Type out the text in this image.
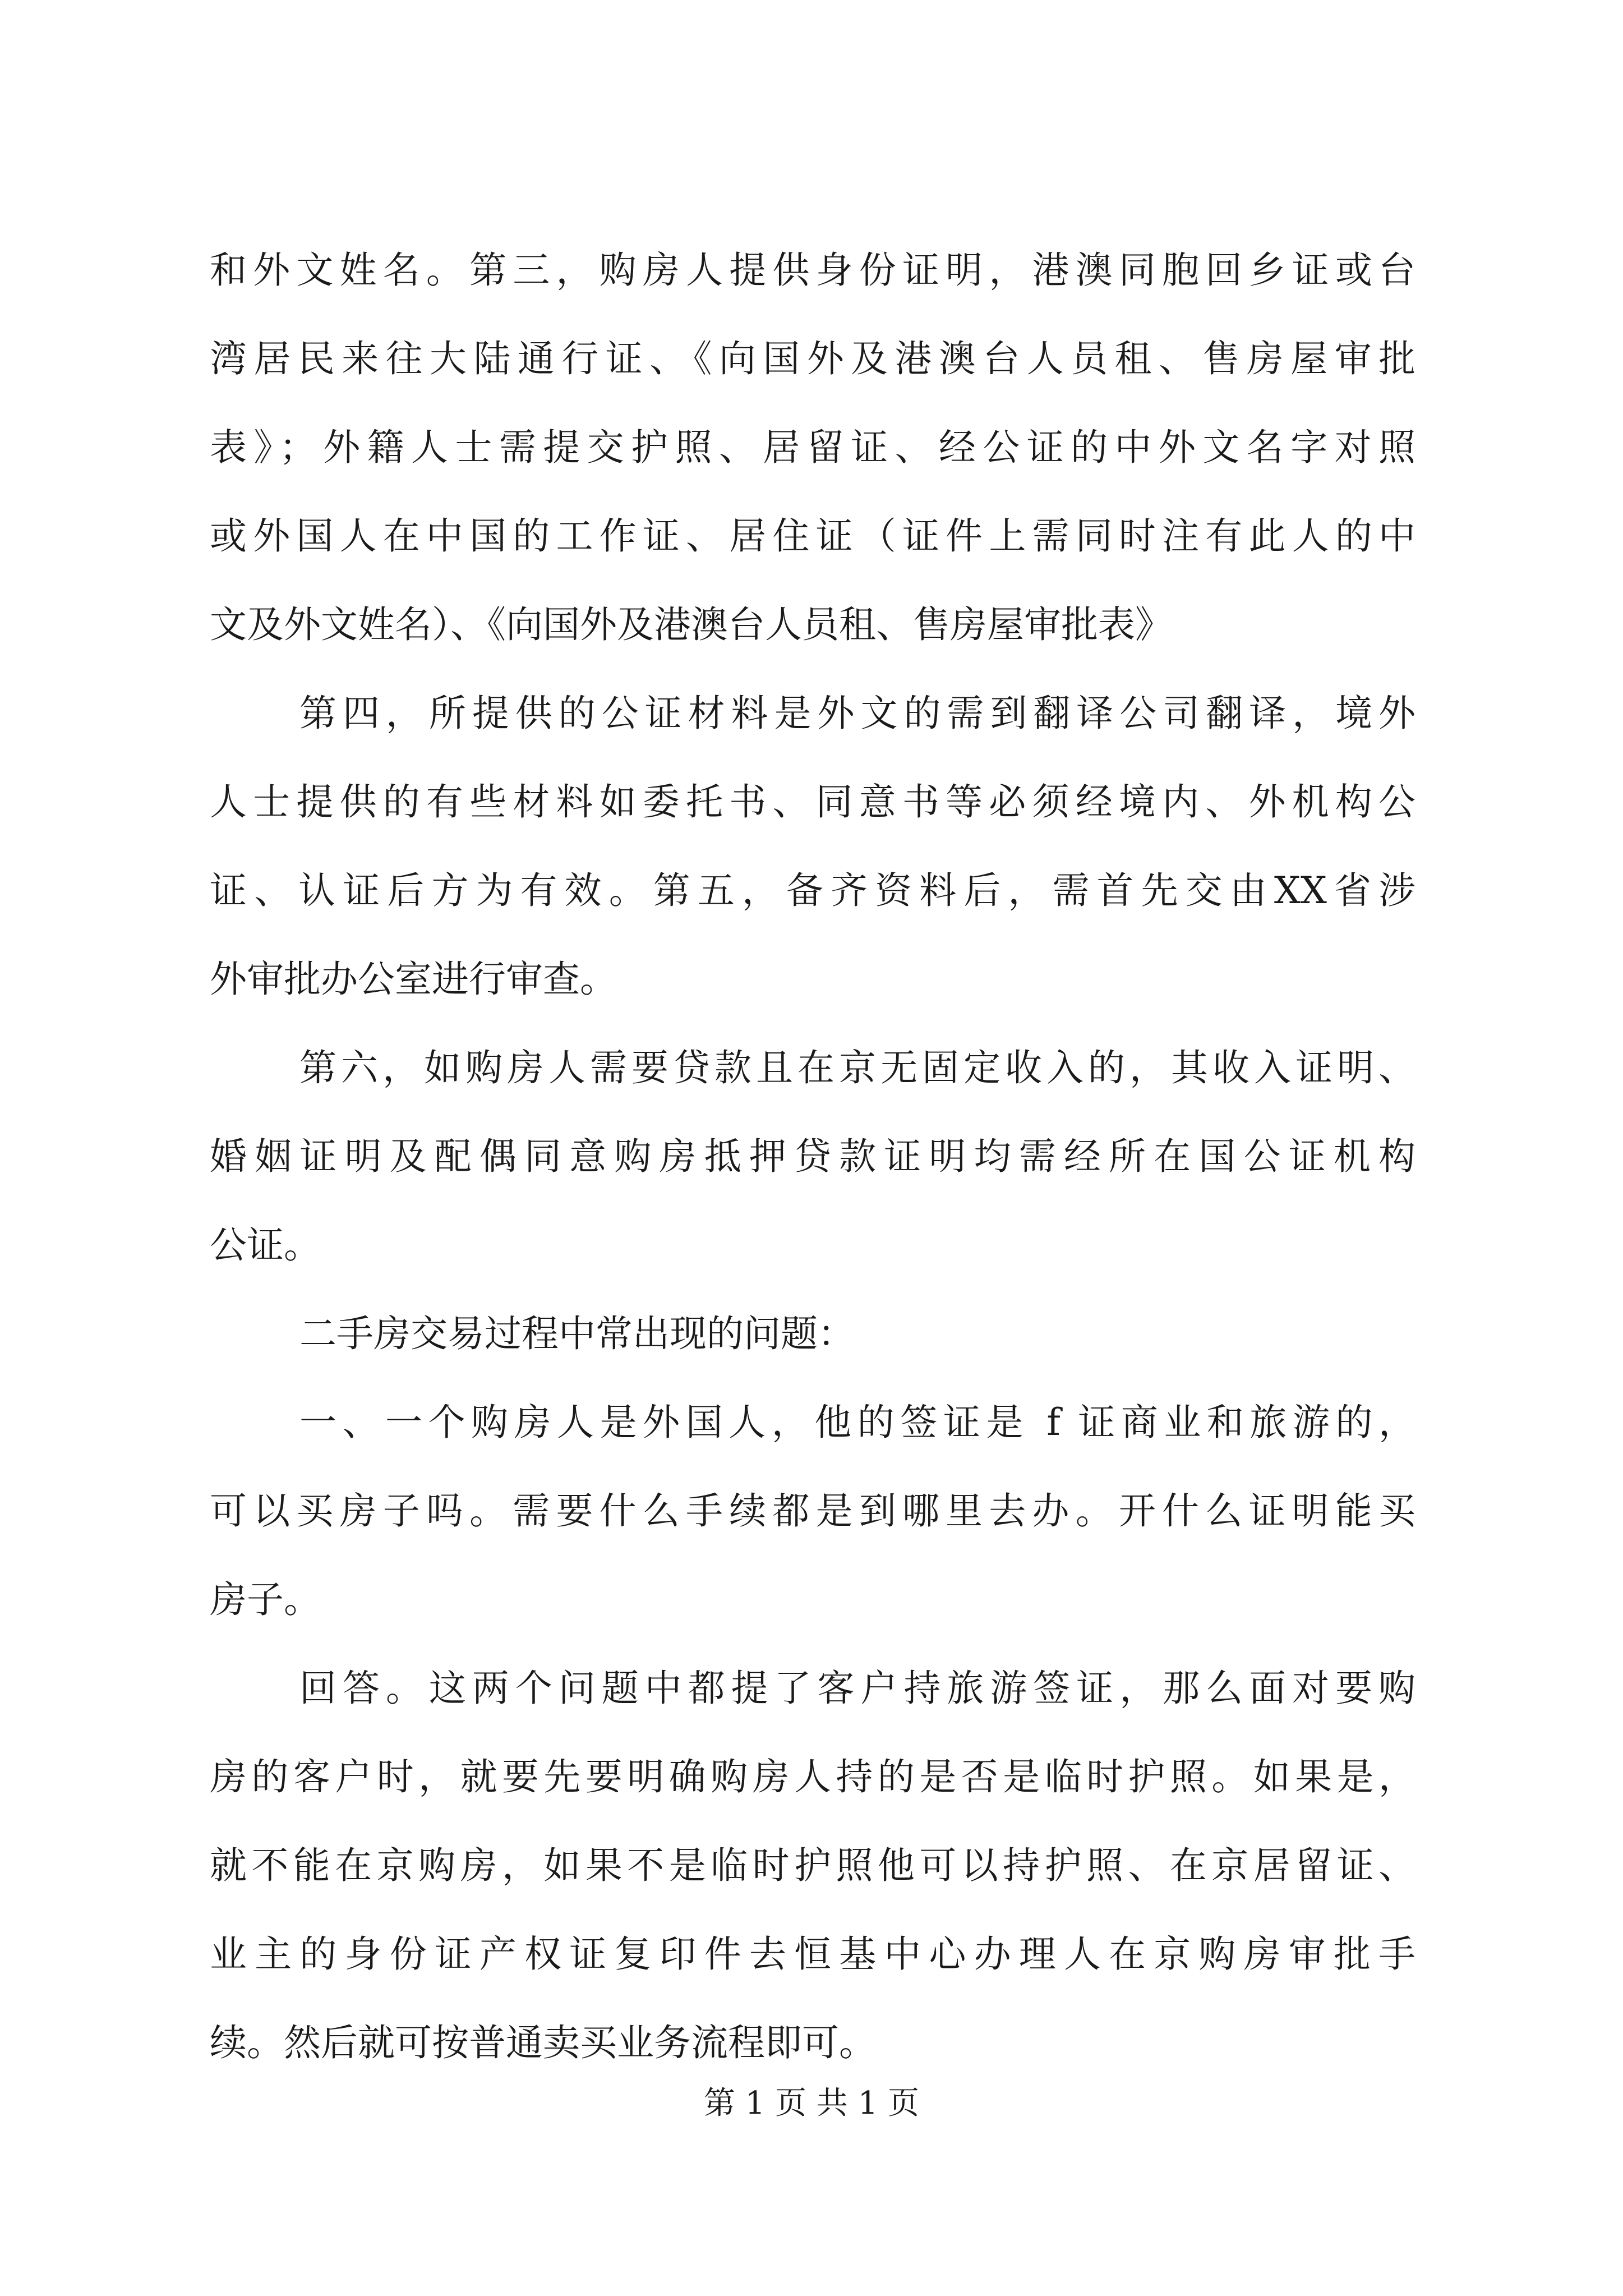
和外文姓名。第三，购房人提供身份证明，港澳同胞回乡证或台
湾居民来往大陆通行证、《向国外及港澳台人员租、售房屋审批
表》；外籍人士需提交护照、居留证、经公证的中外文名字对照
或外国人在中国的工作证、居住证（证件上需同时注有此人的中
文及外文姓名）、《向国外及港澳台人员租、售房屋审批表》
第四，所提供的公证材料是外文的需到翻译公司翻译，境外
人士提供的有些材料如委托书、同意书等必须经境内、外机构公
证、认证后方为有效。第五，备齐资料后，需首先交由XX省涉
外审批办公室进行审查。
第六，如购房人需要贷款且在京无固定收入的，其收入证明、
婚姻证明及配偶同意购房抵押贷款证明均需经所在国公证机构
公证。
二手房交易过程中常出现的问题：
一、一个购房人是外国人，他的签证是 f 证商业和旅游的，
可以买房子吗。需要什么手续都是到哪里去办。开什么证明能买
房子。
回答。这两个问题中都提了客户持旅游签证，那么面对要购
房的客户时，就要先要明确购房人持的是否是临时护照。如果是，
就不能在京购房，如果不是临时护照他可以持护照、在京居留证、
业主的身份证产权证复印件去恒基中心办理人在京购房审批手
续。然后就可按普通卖买业务流程即可。
第 1 页 共 1 页
